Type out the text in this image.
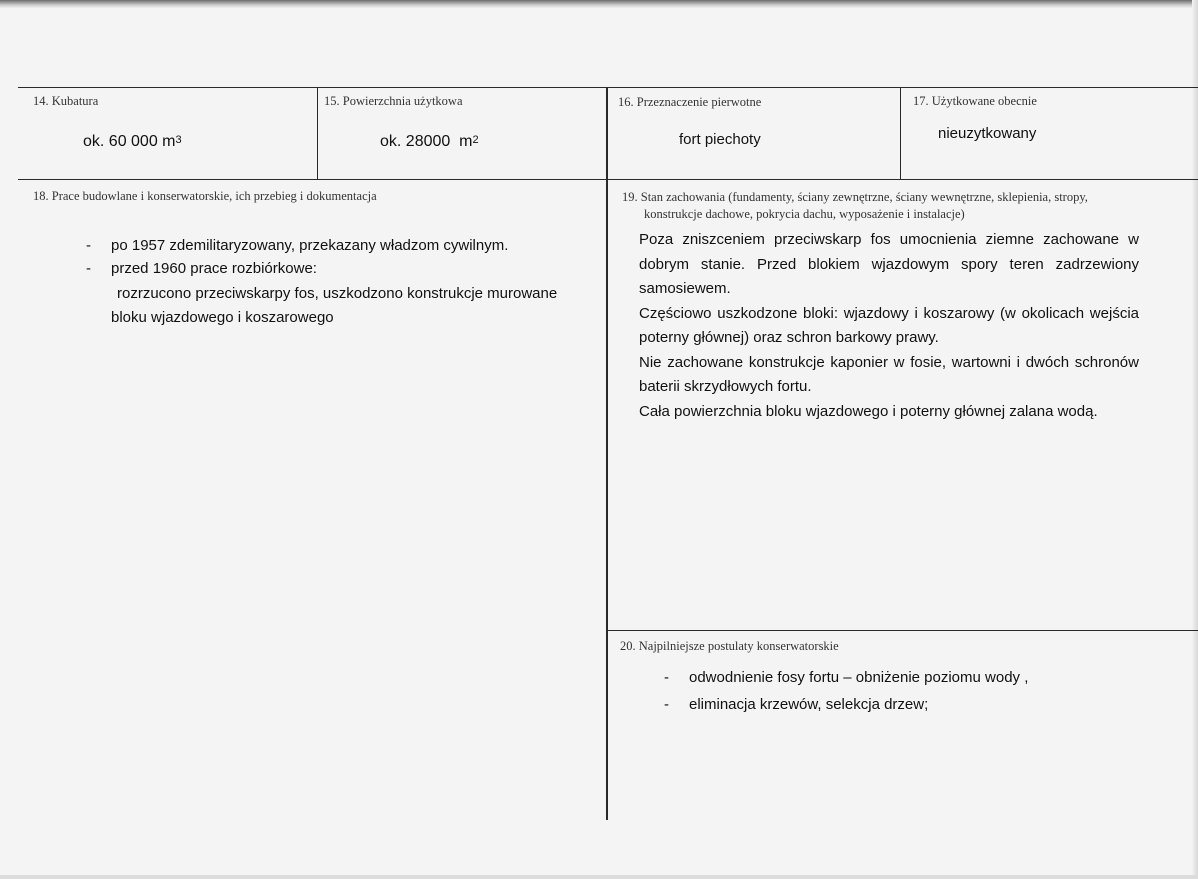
14. Kubatura
ok. 60 000 $m^3$
15. Powierzchnia użytkowa
ok. 28000  $m^2$
16. Przeznaczenie pierwotne
fort piechoty
17. Użytkowane obecnie
nieuzytkowany
18. Prace budowlane i konserwatorskie, ich przebieg i dokumentacja
- po 1957 zdemilitaryzowany, przekazany władzom cywilnym.
- przed 1960 prace rozbiórkowe:
rozrzucono przeciwskarpy fos, uszkodzono konstrukcje murowane
bloku wjazdowego i koszarowego
19. Stan zachowania (fundamenty, ściany zewnętrzne, ściany wewnętrzne, sklepienia, stropy,
konstrukcje dachowe, pokrycia dachu, wyposażenie i instalacje)

Poza zniszceniem przeciwskarp fos umocnienia ziemne zachowane w dobrym stanie. Przed blokiem wjazdowym spory teren zadrzewiony samosiewem.

Częściowo uszkodzone bloki: wjazdowy i koszarowy (w okolicach wejścia poterny głównej) oraz schron barkowy prawy.

Nie zachowane konstrukcje kaponier w fosie, wartowni i dwóch schronów baterii skrzydłowych fortu.

Cała powierzchnia bloku wjazdowego i poterny głównej zalana wodą.

20. Najpilniejsze postulaty konserwatorskie
- odwodnienie fosy fortu – obniżenie poziomu wody ,
- eliminacja krzewów, selekcja drzew;
